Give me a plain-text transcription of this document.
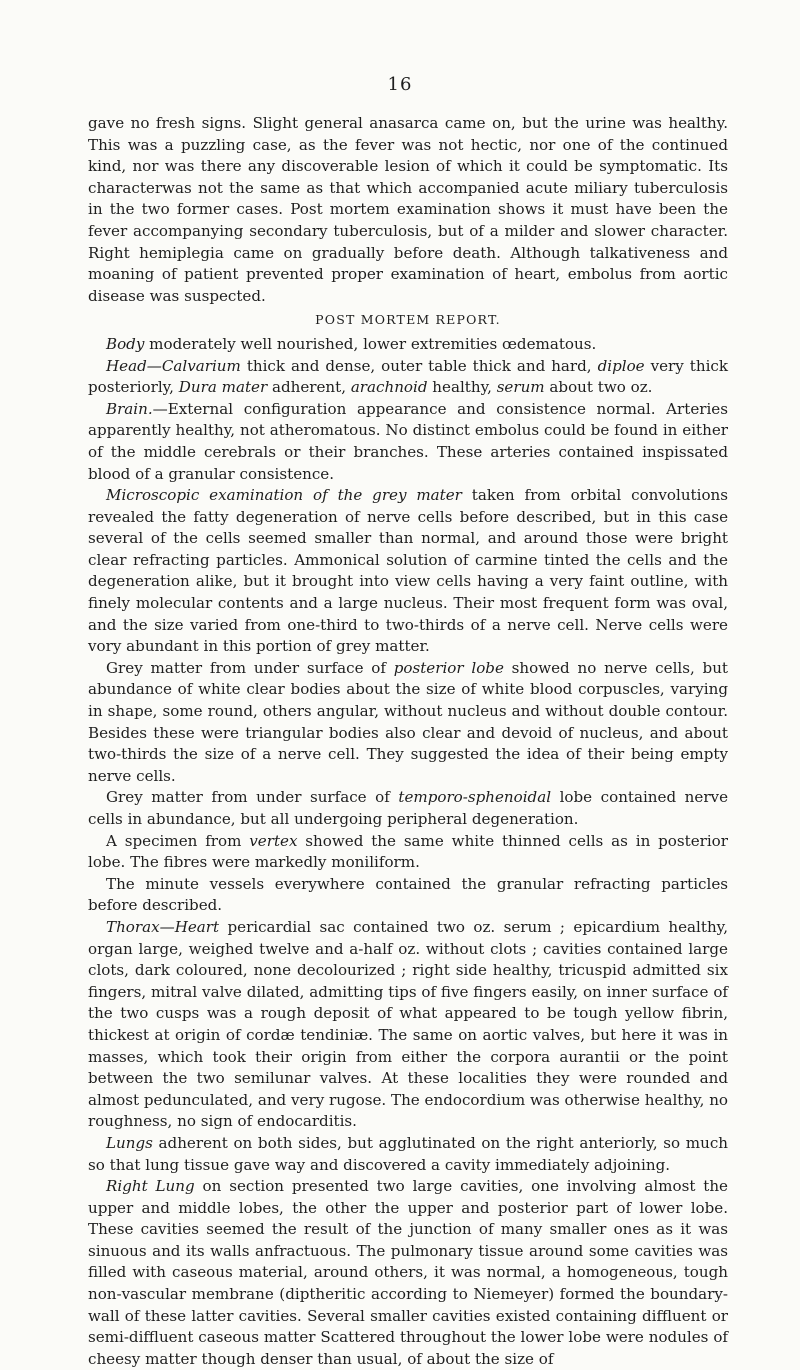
16

gave no fresh signs. Slight general anasarca came on, but the urine was healthy. This was a puzzling case, as the fever was not hectic, nor one of the continued kind, nor was there any discoverable lesion of which it could be symptomatic. Its characterwas not the same as that which accompanied acute miliary tuberculosis in the two former cases. Post mortem examination shows it must have been the fever accompanying secondary tuberculosis, but of a milder and slower character. Right hemiplegia came on gradually before death. Although talkativeness and moaning of patient prevented proper examination of heart, embolus from aortic disease was suspected.

POST MORTEM REPORT.

Body moderately well nourished, lower extremities œdematous.

Head—Calvarium thick and dense, outer table thick and hard, diploe very thick posteriorly, Dura mater adherent, arachnoid healthy, serum about two oz.

Brain.—External configuration appearance and consistence normal. Arteries apparently healthy, not atheromatous. No distinct embolus could be found in either of the middle cerebrals or their branches. These arteries contained inspissated blood of a granular consistence.

Microscopic examination of the grey mater taken from orbital convolutions revealed the fatty degeneration of nerve cells before described, but in this case several of the cells seemed smaller than normal, and around those were bright clear refracting particles. Ammonical solution of carmine tinted the cells and the degeneration alike, but it brought into view cells having a very faint outline, with finely molecular contents and a large nucleus. Their most frequent form was oval, and the size varied from one-third to two-thirds of a nerve cell. Nerve cells were vory abundant in this portion of grey matter.

Grey matter from under surface of posterior lobe showed no nerve cells, but abundance of white clear bodies about the size of white blood corpuscles, varying in shape, some round, others angular, without nucleus and without double contour. Besides these were triangular bodies also clear and devoid of nucleus, and about two-thirds the size of a nerve cell. They suggested the idea of their being empty nerve cells.

Grey matter from under surface of temporo-sphenoidal lobe contained nerve cells in abundance, but all undergoing peripheral degeneration.

A specimen from vertex showed the same white thinned cells as in posterior lobe. The fibres were markedly moniliform.

The minute vessels everywhere contained the granular refracting particles before described.

Thorax—Heart pericardial sac contained two oz. serum ; epicardium healthy, organ large, weighed twelve and a-half oz. without clots ; cavities contained large clots, dark coloured, none decolourized ; right side healthy, tricuspid admitted six fingers, mitral valve dilated, admitting tips of five fingers easily, on inner surface of the two cusps was a rough deposit of what appeared to be tough yellow fibrin, thickest at origin of cordæ tendiniæ. The same on aortic valves, but here it was in masses, which took their origin from either the corpora aurantii or the point between the two semilunar valves. At these localities they were rounded and almost pedunculated, and very rugose. The endocordium was otherwise healthy, no roughness, no sign of endocarditis.

Lungs adherent on both sides, but agglutinated on the right anteriorly, so much so that lung tissue gave way and discovered a cavity immediately adjoining.

Right Lung on section presented two large cavities, one involving almost the upper and middle lobes, the other the upper and posterior part of lower lobe. These cavities seemed the result of the junction of many smaller ones as it was sinuous and its walls anfractuous. The pulmonary tissue around some cavities was filled with caseous material, around others, it was normal, a homogeneous, tough non-vascular membrane (diptheritic according to Niemeyer) formed the boundary-wall of these latter cavities. Several smaller cavities existed containing diffluent or semi-diffluent caseous matter Scattered throughout the lower lobe were nodules of cheesy matter though denser than usual, of about the size of
